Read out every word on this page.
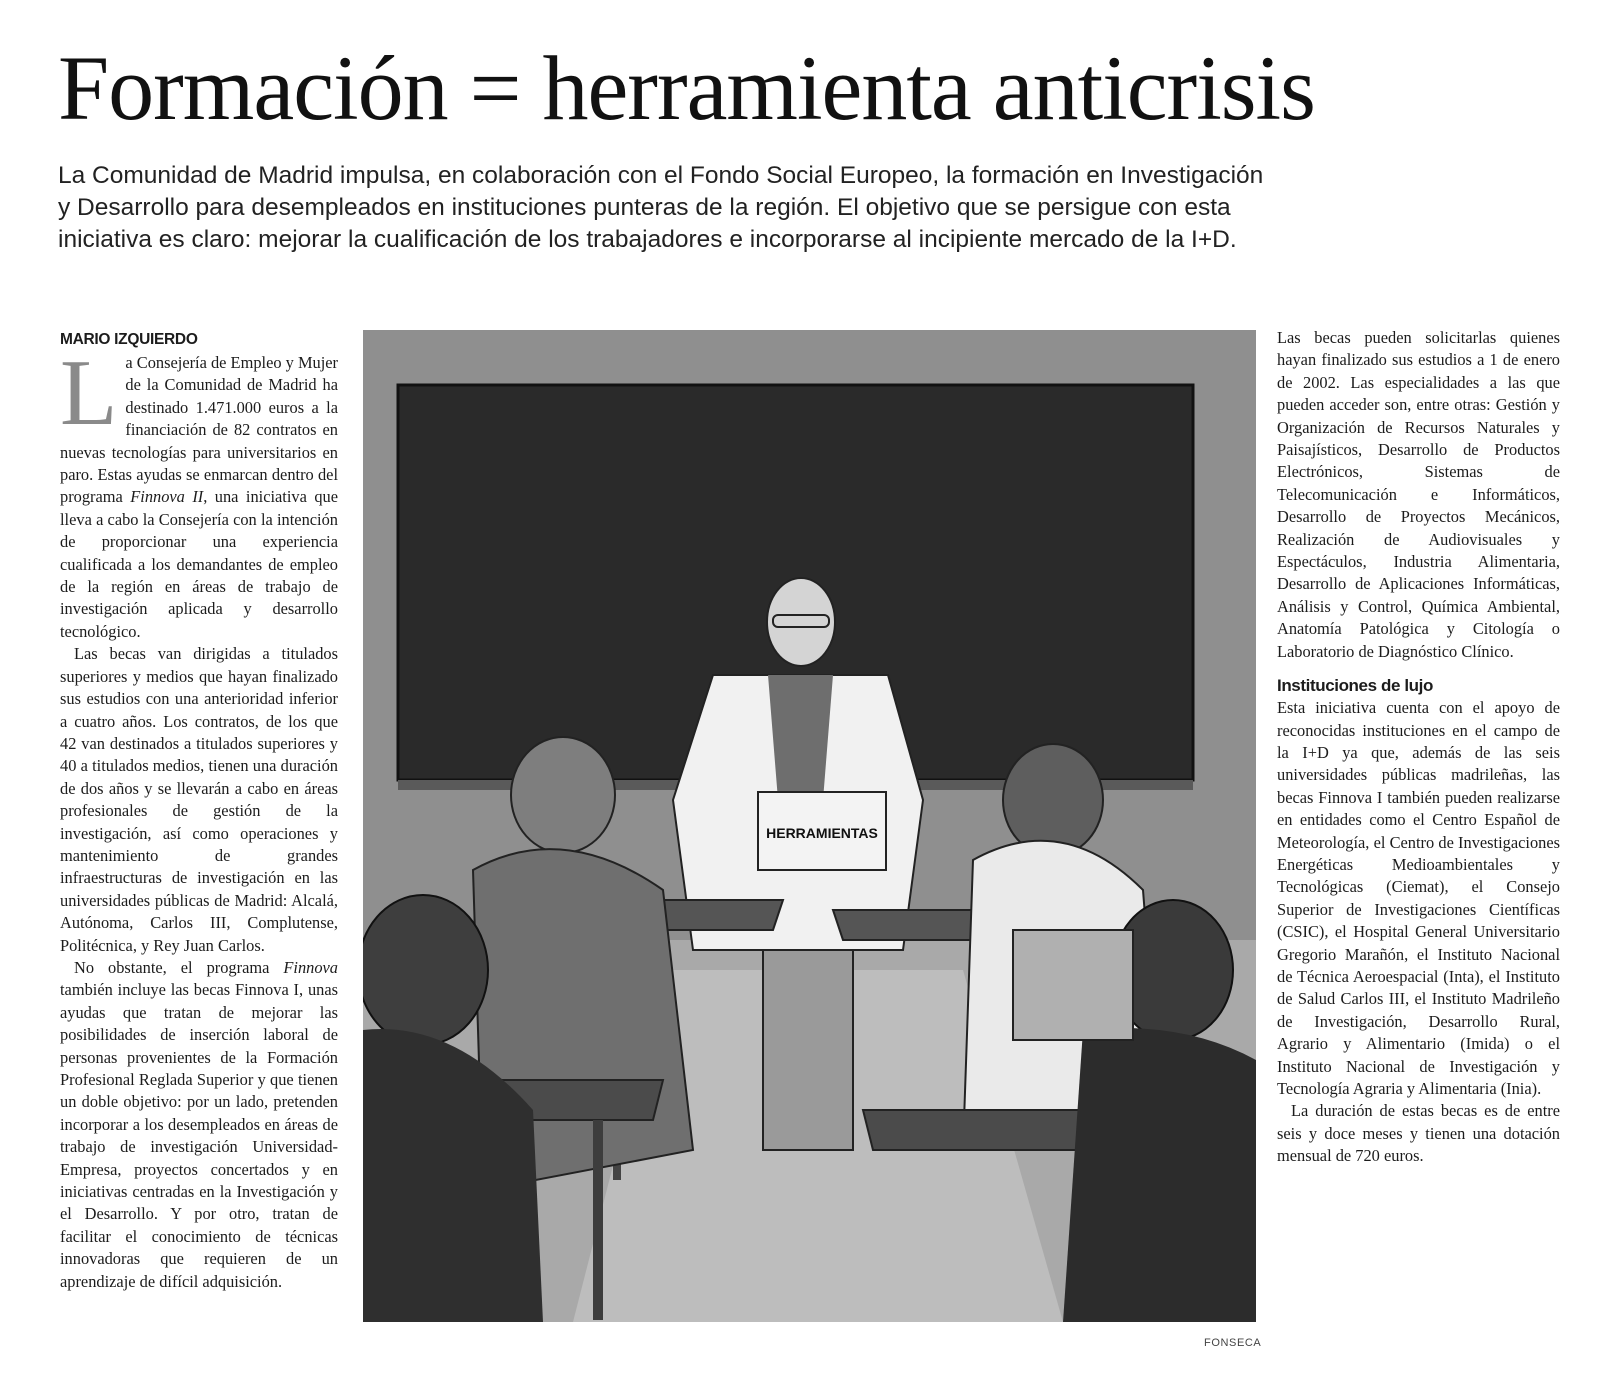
Formación = herramienta anticrisis
La Comunidad de Madrid impulsa, en colaboración con el Fondo Social Europeo, la formación en Investigación
y Desarrollo para desempleados en instituciones punteras de la región. El objetivo que se persigue con esta
iniciativa es claro: mejorar la cualificación de los trabajadores e incorporarse al incipiente mercado de la I+D.
MARIO IZQUIERDO

La Consejería de Empleo y Mujer de la Comunidad de Madrid ha destinado 1.471.000 euros a la financiación de 82 contratos en nuevas tecnologías para universitarios en paro. Estas ayudas se enmarcan dentro del programa Finnova II, una iniciativa que lleva a cabo la Consejería con la intención de proporcionar una experiencia cualificada a los demandantes de empleo de la región en áreas de trabajo de investigación aplicada y desarrollo tecnológico.

Las becas van dirigidas a titulados superiores y medios que hayan finalizado sus estudios con una anterioridad inferior a cuatro años. Los contratos, de los que 42 van destinados a titulados superiores y 40 a titulados medios, tienen una duración de dos años y se llevarán a cabo en áreas profesionales de gestión de la investigación, así como operaciones y mantenimiento de grandes infraestructuras de investigación en las universidades públicas de Madrid: Alcalá, Autónoma, Carlos III, Complutense, Politécnica, y Rey Juan Carlos.

No obstante, el programa Finnova también incluye las becas Finnova I, unas ayudas que tratan de mejorar las posibilidades de inserción laboral de personas provenientes de la Formación Profesional Reglada Superior y que tienen un doble objetivo: por un lado, pretenden incorporar a los desempleados en áreas de trabajo de investigación Universidad-Empresa, proyectos concertados y en iniciativas centradas en la Investigación y el Desarrollo. Y por otro, tratan de facilitar el conocimiento de técnicas innovadoras que requieren de un aprendizaje de difícil adquisición.

HERRAMIENTAS
FONSECA

Las becas pueden solicitarlas quienes hayan finalizado sus estudios a 1 de enero de 2002. Las especialidades a las que pueden acceder son, entre otras: Gestión y Organización de Recursos Naturales y Paisajísticos, Desarrollo de Productos Electrónicos, Sistemas de Telecomunicación e Informáticos, Desarrollo de Proyectos Mecánicos, Realización de Audiovisuales y Espectáculos, Industria Alimentaria, Desarrollo de Aplicaciones Informáticas, Análisis y Control, Química Ambiental, Anatomía Patológica y Citología o Laboratorio de Diagnóstico Clínico.

Instituciones de lujo

Esta iniciativa cuenta con el apoyo de reconocidas instituciones en el campo de la I+D ya que, además de las seis universidades públicas madrileñas, las becas Finnova I también pueden realizarse en entidades como el Centro Español de Meteorología, el Centro de Investigaciones Energéticas Medioambientales y Tecnológicas (Ciemat), el Consejo Superior de Investigaciones Científicas (CSIC), el Hospital General Universitario Gregorio Marañón, el Instituto Nacional de Técnica Aeroespacial (Inta), el Instituto de Salud Carlos III, el Instituto Madrileño de Investigación, Desarrollo Rural, Agrario y Alimentario (Imida) o el Instituto Nacional de Investigación y Tecnología Agraria y Alimentaria (Inia).

La duración de estas becas es de entre seis y doce meses y tienen una dotación mensual de 720 euros.
